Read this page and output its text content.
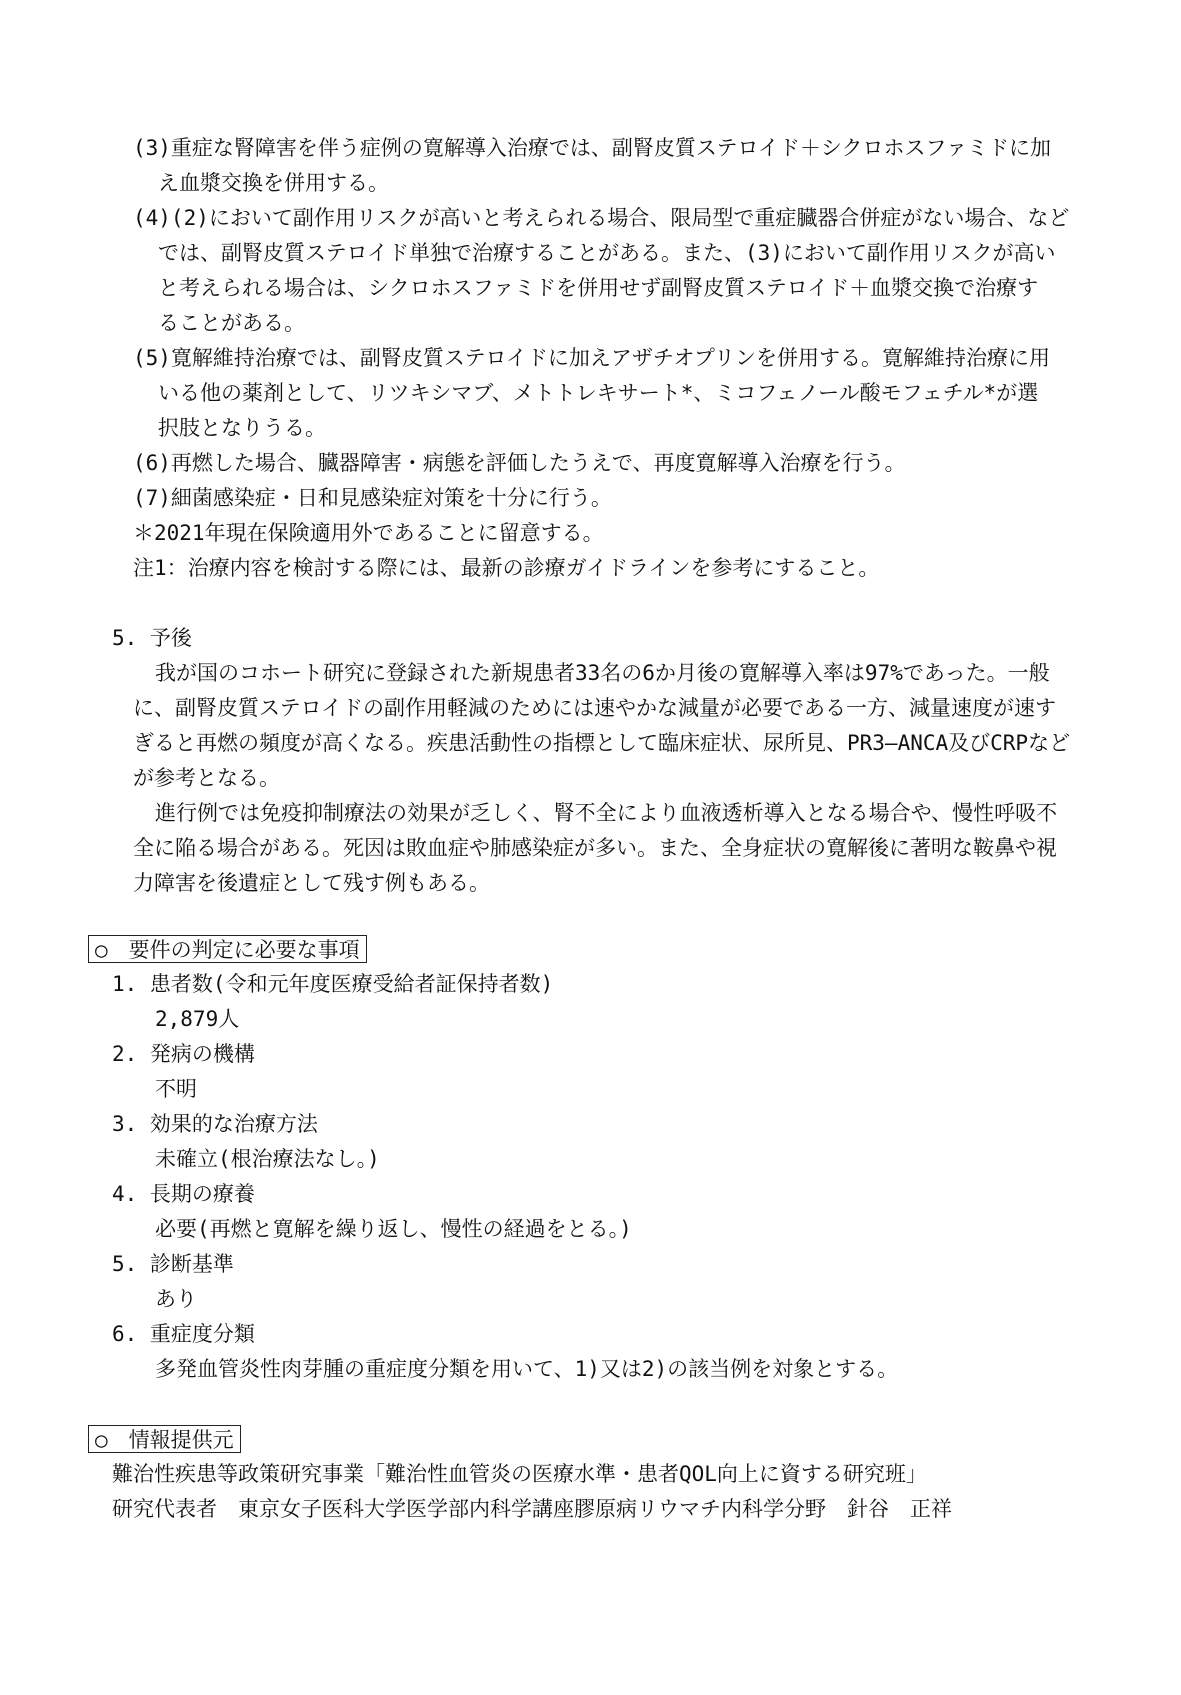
(3)重症な腎障害を伴う症例の寛解導入治療では、副腎皮質ステロイド＋シクロホスファミドに加
え血漿交換を併用する。
(4)(2)において副作用リスクが高いと考えられる場合、限局型で重症臓器合併症がない場合、など
では、副腎皮質ステロイド単独で治療することがある。また、(3)において副作用リスクが高い
と考えられる場合は、シクロホスファミドを併用せず副腎皮質ステロイド＋血漿交換で治療す
ることがある。
(5)寛解維持治療では、副腎皮質ステロイドに加えアザチオプリンを併用する。寛解維持治療に用
いる他の薬剤として、リツキシマブ、メトトレキサート*、ミコフェノール酸モフェチル*が選
択肢となりうる。
(6)再燃した場合、臓器障害・病態を評価したうえで、再度寛解導入治療を行う。
(7)細菌感染症・日和見感染症対策を十分に行う。
＊2021年現在保険適用外であることに留意する。
注1：治療内容を検討する際には、最新の診療ガイドラインを参考にすること。
5. 予後
我が国のコホート研究に登録された新規患者33名の6か月後の寛解導入率は97%であった。一般
に、副腎皮質ステロイドの副作用軽減のためには速やかな減量が必要である一方、減量速度が速す
ぎると再燃の頻度が高くなる。疾患活動性の指標として臨床症状、尿所見、PR3―ANCA及びCRPなど
が参考となる。
進行例では免疫抑制療法の効果が乏しく、腎不全により血液透析導入となる場合や、慢性呼吸不
全に陥る場合がある。死因は敗血症や肺感染症が多い。また、全身症状の寛解後に著明な鞍鼻や視
力障害を後遺症として残す例もある。
○　要件の判定に必要な事項
1. 患者数(令和元年度医療受給者証保持者数)
2,879人
2. 発病の機構
不明
3. 効果的な治療方法
未確立(根治療法なし。)
4. 長期の療養
必要(再燃と寛解を繰り返し、慢性の経過をとる。)
5. 診断基準
あり
6. 重症度分類
多発血管炎性肉芽腫の重症度分類を用いて、1)又は2)の該当例を対象とする。
○　情報提供元
難治性疾患等政策研究事業「難治性血管炎の医療水準・患者QOL向上に資する研究班」
研究代表者　東京女子医科大学医学部内科学講座膠原病リウマチ内科学分野　針谷　正祥
